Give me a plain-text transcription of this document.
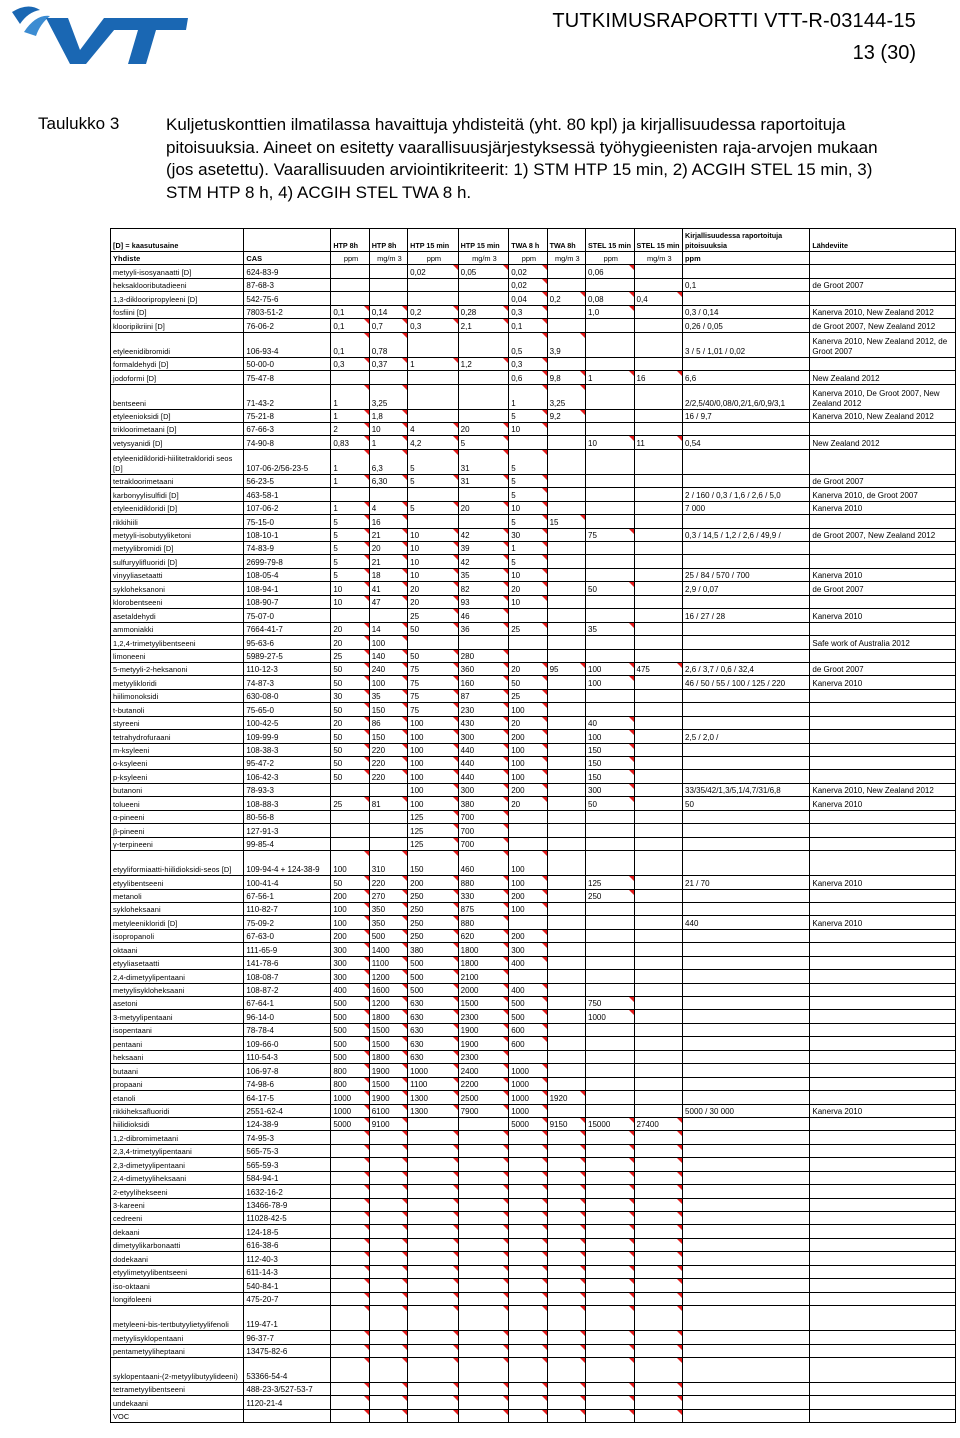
TUTKIMUSRAPORTTI VTT-R-03144-15
13 (30)
Taulukko 3	Kuljetuskonttien ilmatilassa havaittuja yhdisteitä (yht. 80 kpl) ja kirjallisuudessa raportoituja pitoisuuksia. Aineet on esitetty vaarallisuusjärjestyksessä työhygieenisten raja-arvojen mukaan (jos asetettu). Vaarallisuuden arviointikriteerit: 1) STM HTP 15 min, 2) ACGIH STEL 15 min, 3) STM HTP 8 h, 4) ACGIH STEL TWA 8 h.
[D] = kaasutusaine		HTP 8h	HTP 8h	HTP 15 min	HTP 15 min	TWA 8 h	TWA 8h	STEL 15 min	STEL 15 min	Kirjallisuudessa raportoituja pitoisuuksia	Lähdeviite
Yhdiste	CAS	ppm	mg/m 3	ppm	mg/m 3	ppm	mg/m 3	ppm	mg/m 3	ppm	
metyyli-isosyanaatti [D]	624-83-9			0,02	0,05	0,02		0,06			
heksaklooributadieeni	87-68-3					0,02				0,1	de Groot 2007
1,3-diklooripropyleeni [D]	542-75-6					0,04	0,2	0,08	0,4		
fosfiini [D]	7803-51-2	0,1	0,14	0,2	0,28	0,3		1,0		0,3 / 0,14	Kanerva 2010, New Zealand 2012
klooripikriini [D]	76-06-2	0,1	0,7	0,3	2,1	0,1				0,26 / 0,05	de Groot 2007, New Zealand 2012
etyleenidibromidi	106-93-4	0,1	0,78			0,5	3,9			3 / 5 / 1,01 / 0,02	Kanerva 2010, New Zealand 2012, de Groot 2007
formaldehydi [D]	50-00-0	0,3	0,37	1	1,2	0,3					
jodoformi [D]	75-47-8					0,6	9,8	1	16	6,6	New Zealand 2012
bentseeni	71-43-2	1	3,25			1	3,25			2/2,5/40/0,08/0,2/1,6/0,9/3,1	Kanerva 2010, De Groot 2007, New Zealand 2012
etyleenioksidi [D]	75-21-8	1	1,8			5	9,2			16 / 9,7	Kanerva 2010, New Zealand 2012
trikloorimetaani [D]	67-66-3	2	10	4	20	10					
vetysyanidi [D]	74-90-8	0,83	1	4,2	5			10	11	0,54	New Zealand 2012
etyleenidikloridi-hiilitetrakloridi seos [D]	107-06-2/56-23-5	1	6,3	5	31	5					
tetrakloorimetaani	56-23-5	1	6,30	5	31	5					de Groot 2007
karbonyylisulfidi [D]	463-58-1					5				2 / 160 / 0,3 / 1,6 / 2,6 / 5,0	Kanerva 2010, de Groot 2007
etyleenidikloridi [D]	107-06-2	1	4	5	20	10				7 000	Kanerva 2010
rikkihiili	75-15-0	5	16			5	15				
metyyli-isobutyyliketoni	108-10-1	5	21	10	42	30		75		0,3 / 14,5 / 1,2 / 2,6 / 49,9 /	de Groot 2007, New Zealand 2012
metyylibromidi [D]	74-83-9	5	20	10	39	1					
sulfuryylifluoridi [D]	2699-79-8	5	21	10	42	5					
vinyyliasetaatti	108-05-4	5	18	10	35	10				25 / 84 / 570 / 700	Kanerva 2010
sykloheksanoni	108-94-1	10	41	20	82	20		50		2,9 / 0,07	de Groot 2007
klorobentseeni	108-90-7	10	47	20	93	10					
asetaldehydi	75-07-0			25	46					16 / 27 / 28	Kanerva 2010
ammoniakki	7664-41-7	20	14	50	36	25		35			
1,2,4-trimetyylibentseeni	95-63-6	20	100								Safe work of Australia 2012
limoneeni	5989-27-5	25	140	50	280						
5-metyyli-2-heksanoni	110-12-3	50	240	75	360	20	95	100	475	2,6 / 3,7 / 0,6 / 32,4	de Groot 2007
metyylikloridi	74-87-3	50	100	75	160	50		100		46 / 50 / 55 / 100 / 125 / 220	Kanerva 2010
hiilimonoksidi	630-08-0	30	35	75	87	25					
t-butanoli	75-65-0	50	150	75	230	100					
styreeni	100-42-5	20	86	100	430	20		40			
tetrahydrofuraani	109-99-9	50	150	100	300	200		100		2,5 / 2,0 /	
m-ksyleeni	108-38-3	50	220	100	440	100		150			
o-ksyleeni	95-47-2	50	220	100	440	100		150			
p-ksyleeni	106-42-3	50	220	100	440	100		150			
butanoni	78-93-3			100	300	200		300		33/35/42/1,3/5,1/4,7/31/6,8	Kanerva 2010, New Zealand 2012
tolueeni	108-88-3	25	81	100	380	20		50		50	Kanerva 2010
α-pineeni	80-56-8			125	700						
β-pineeni	127-91-3			125	700						
γ-terpineeni	99-85-4			125	700						
etyyliformiaatti-hiilidioksidi-seos [D]	109-94-4 + 124-38-9	100	310	150	460	100					
etyylibentseeni	100-41-4	50	220	200	880	100		125		21 / 70	Kanerva 2010
metanoli	67-56-1	200	270	250	330	200		250			
sykloheksaani	110-82-7	100	350	250	875	100					
metyleenikloridi [D]	75-09-2	100	350	250	880					440	Kanerva 2010
isopropanoli	67-63-0	200	500	250	620	200					
oktaani	111-65-9	300	1400	380	1800	300					
etyyliasetaatti	141-78-6	300	1100	500	1800	400					
2,4-dimetyylipentaani	108-08-7	300	1200	500	2100						
metyylisykloheksaani	108-87-2	400	1600	500	2000	400					
asetoni	67-64-1	500	1200	630	1500	500		750			
3-metyylipentaani	96-14-0	500	1800	630	2300	500		1000			
isopentaani	78-78-4	500	1500	630	1900	600					
pentaani	109-66-0	500	1500	630	1900	600					
heksaani	110-54-3	500	1800	630	2300						
butaani	106-97-8	800	1900	1000	2400	1000					
propaani	74-98-6	800	1500	1100	2200	1000					
etanoli	64-17-5	1000	1900	1300	2500	1000	1920				
rikkiheksafluoridi	2551-62-4	1000	6100	1300	7900	1000				5000 / 30 000	Kanerva 2010
hiilidioksidi	124-38-9	5000	9100			5000	9150	15000	27400		
1,2-dibromimetaani	74-95-3										
2,3,4-trimetyylipentaani	565-75-3										
2,3-dimetyylipentaani	565-59-3										
2,4-dimetyyliheksaani	584-94-1										
2-etyyliheksееni	1632-16-2										
3-kareeni	13466-78-9										
cedreeni	11028-42-5										
dekaani	124-18-5										
dimetyylikarbonaatti	616-38-6										
dodekaani	112-40-3										
etyylimetyylibentseeni	611-14-3										
iso-oktaani	540-84-1										
longifoleeni	475-20-7										
metyleeni-bis-tertbutyylietyylifenoli	119-47-1										
metyylisyklopentaani	96-37-7										
pentametyyliheptaani	13475-82-6										
syklopentaani-(2-metyylibutyylideeni)	53366-54-4										
tetrametyylibentseeni	488-23-3/527-53-7										
undekaani	1120-21-4										
VOC											
